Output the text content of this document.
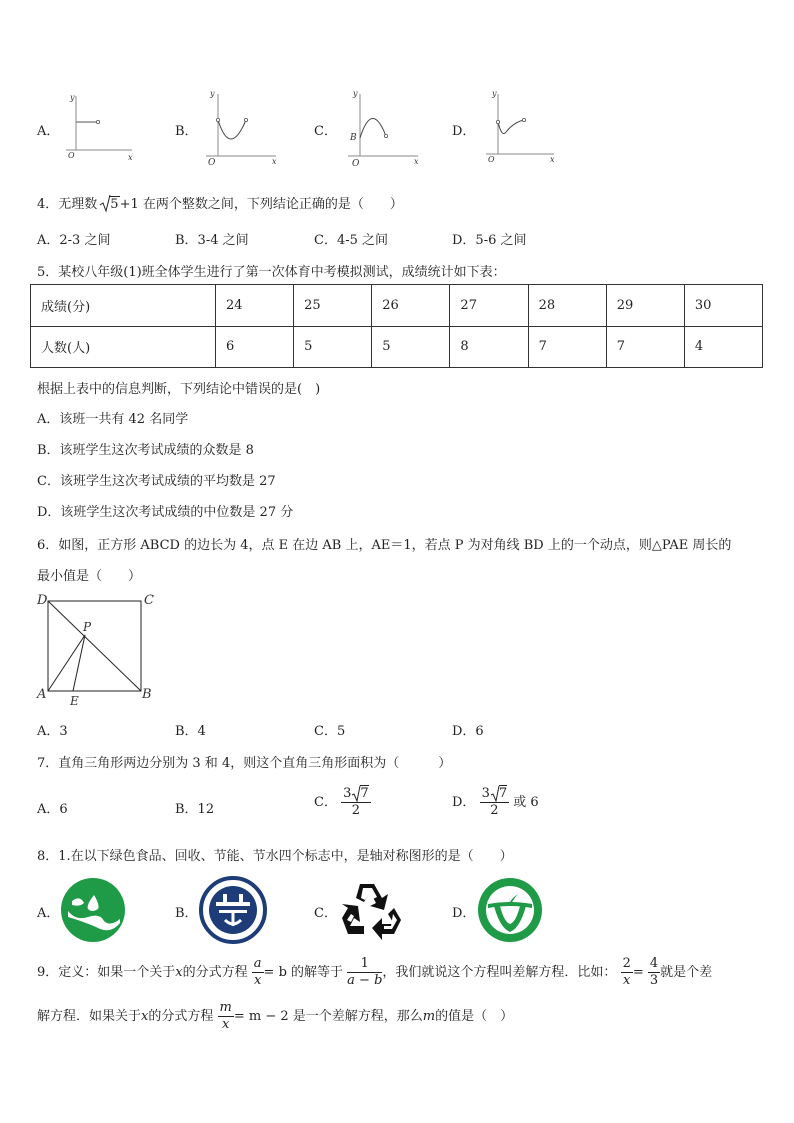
A．
y
O	x
B．
y
O	x
C．
y
B
O	x
D．
y
O	x
4．无理数 5+1 在两个整数之间，下列结论正确的是（　　）
A．2-3 之间	B．3-4 之间	C．4-5 之间	D．5-6 之间
5．某校八年级(1)班全体学生进行了第一次体育中考模拟测试，成绩统计如下表：
成绩(分)	24	25	26	27	28	29	30
人数(人)	6	5	5	8	7	7	4
根据上表中的信息判断，下列结论中错误的是(　)
A．该班一共有 42 名同学
B．该班学生这次考试成绩的众数是 8
C．该班学生这次考试成绩的平均数是 27
D．该班学生这次考试成绩的中位数是 27 分
6．如图，正方形 ABCD 的边长为 4，点 E 在边 AB 上，AE＝1，若点 P 为对角线 BD 上的一个动点，则△PAE 周长的
最小值是（　　）
D	C
A	B
E
P
A．3	B．4	C．5	D．6
7．直角三角形两边分别为 3 和 4，则这个直角三角形面积为（　　　）
A．6	B．12	C． $\frac{3 7}{2}$	D． $\frac{3 7}{2}$ 或 6
8．1.在以下绿色食品、回收、节能、节水四个标志中，是轴对称图形的是（　　）
A．	B．	C．	D．
9．定义：如果一个关于x的分式方程 $\frac{a}{x} = b$ 的解等于 $\frac{1}{a - b}$ ，我们就说这个方程叫差解方程．比如： $\frac{2}{x} = \frac{4}{3}$ 就是个差
解方程．如果关于x的分式方程 $\frac{m}{x} = m - 2$ 是一个差解方程，那么m的值是（　）
